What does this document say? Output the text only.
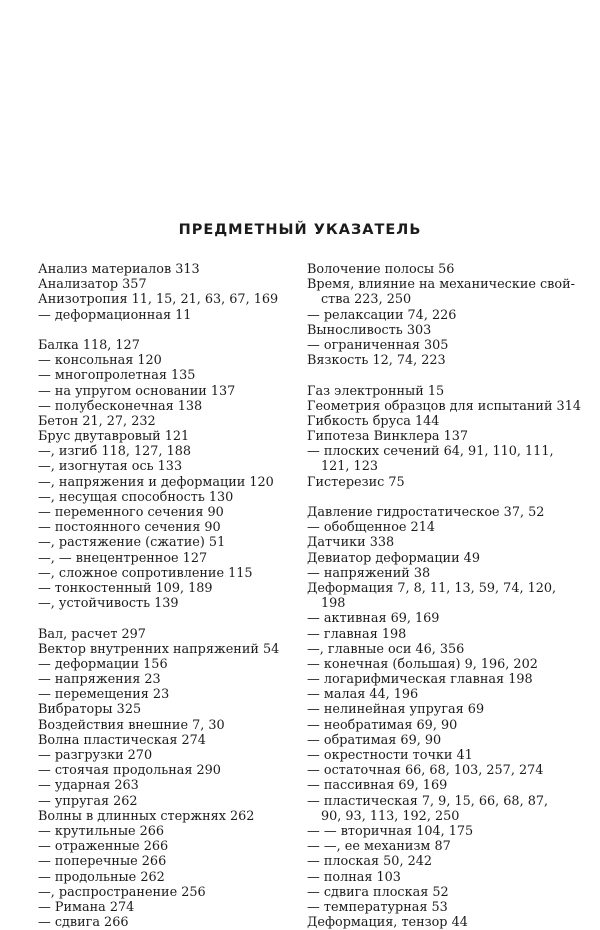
ПРЕДМЕТНЫЙ УКАЗАТЕЛЬ
Анализ материалов 313
Анализатор 357
Анизотропия 11, 15, 21, 63, 67, 169
— деформационная 11
Балка 118, 127
— консольная 120
— многопролетная 135
— на упругом основании 137
— полубесконечная 138
Бетон 21, 27, 232
Брус двутавровый 121
—, изгиб 118, 127, 188
—, изогнутая ось 133
—, напряжения и деформации 120
—, несущая способность 130
— переменного сечения 90
— постоянного сечения 90
—, растяжение (сжатие) 51
—, — внецентренное 127
—, сложное сопротивление 115
— тонкостенный 109, 189
—, устойчивость 139
Вал, расчет 297
Вектор внутренних напряжений 54
— деформации 156
— напряжения 23
— перемещения 23
Вибраторы 325
Воздействия внешние 7, 30
Волна пластическая 274
— разгрузки 270
— стоячая продольная 290
— ударная 263
— упругая 262
Волны в длинных стержнях 262
— крутильные 266
— отраженные 266
— поперечные 266
— продольные 262
—, распространение 256
— Римана 274
— сдвига 266
Волочение полосы 56
Время, влияние на механические свой-
ства 223, 250
— релаксации 74, 226
Выносливость 303
— ограниченная 305
Вязкость 12, 74, 223
Газ электронный 15
Геометрия образцов для испытаний 314
Гибкость бруса 144
Гипотеза Винклера 137
— плоских сечений 64, 91, 110, 111,
121, 123
Гистерезис 75
Давление гидростатическое 37, 52
— обобщенное 214
Датчики 338
Девиатор деформации 49
— напряжений 38
Деформация 7, 8, 11, 13, 59, 74, 120,
198
— активная 69, 169
— главная 198
—, главные оси 46, 356
— конечная (большая) 9, 196, 202
— логарифмическая главная 198
— малая 44, 196
— нелинейная упругая 69
— необратимая 69, 90
— обратимая 69, 90
— окрестности точки 41
— остаточная 66, 68, 103, 257, 274
— пассивная 69, 169
— пластическая 7, 9, 15, 66, 68, 87,
90, 93, 113, 192, 250
— — вторичная 104, 175
— —, ее механизм 87
— плоская 50, 242
— полная 103
— сдвига плоская 52
— температурная 53
Деформация, тензор 44
